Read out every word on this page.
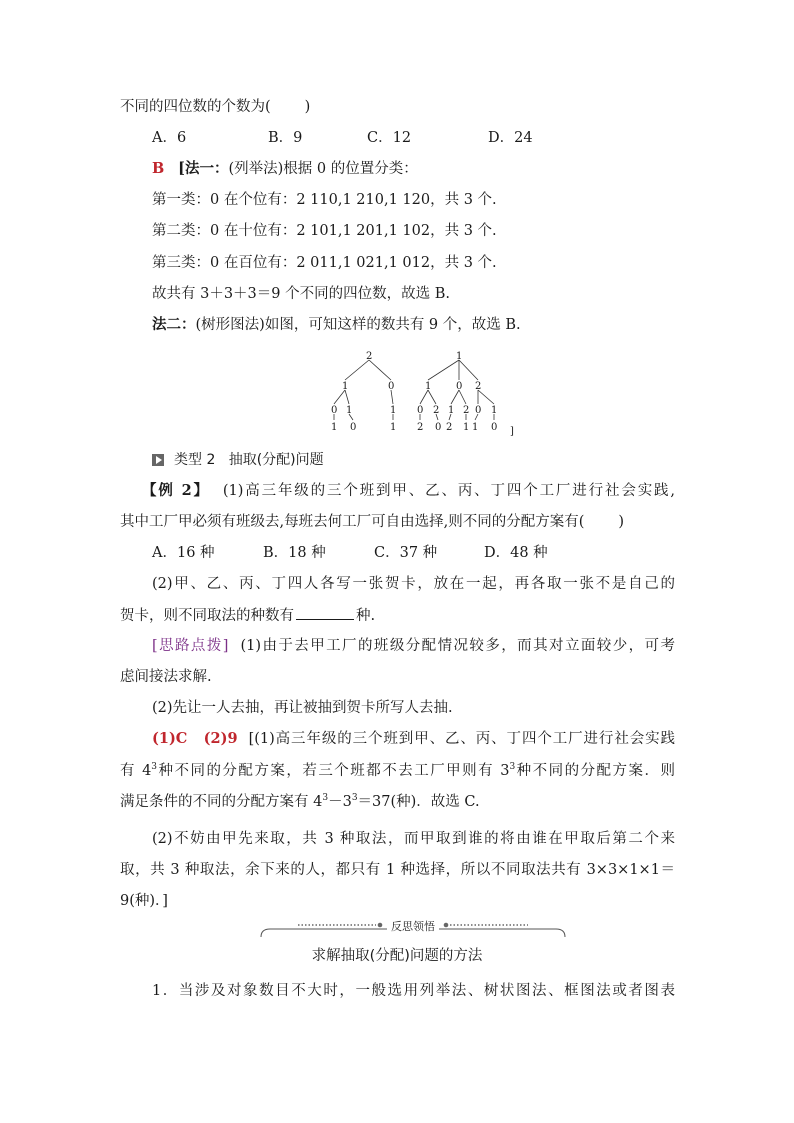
不同的四位数的个数为( )
A．6	B．9	C．12	D．24
B [法一：(列举法)根据 0 的位置分类：
第一类：0 在个位有：2 110,1 210,1 120，共 3 个.
第二类：0 在十位有：2 101,1 201,1 102，共 3 个.
第三类：0 在百位有：2 011,1 021,1 012，共 3 个.
故共有 3＋3＋3＝9 个不同的四位数，故选 B.
法二：(树形图法)如图，可知这样的数共有 9 个，故选 B.
2
1	0
0 1	1
1 0	1
1
1 0 2
0 2 1 2 0 1
2 0 2 1 1 0 ]
类型 2 抽取(分配)问题
【例 2】 (1)高三年级的三个班到甲、乙、丙、丁四个工厂进行社会实践,
其中工厂甲必须有班级去,每班去何工厂可自由选择,则不同的分配方案有( )
A．16 种	B．18 种	C．37 种	D．48 种
(2)甲、乙、丙、丁四人各写一张贺卡，放在一起，再各取一张不是自己的
贺卡，则不同取法的种数有	种.
[思路点拨] (1)由于去甲工厂的班级分配情况较多，而其对立面较少，可考
虑间接法求解.
(2)先让一人去抽，再让被抽到贺卡所写人去抽.
(1)C　(2)9 [(1)高三年级的三个班到甲、乙、丙、丁四个工厂进行社会实践
有 $4^3$种不同的分配方案，若三个班都不去工厂甲则有 $3^3$种不同的分配方案．则
满足条件的不同的分配方案有 $4^3-3^3=37$(种)．故选 C.
(2)不妨由甲先来取，共 3 种取法，而甲取到谁的将由谁在甲取后第二个来
取，共 3 种取法，余下来的人，都只有 1 种选择，所以不同取法共有 3×3×1×1＝
9(种)．]
反思领悟
求解抽取(分配)问题的方法
1．当涉及对象数目不大时，一般选用列举法、树状图法、框图法或者图表
